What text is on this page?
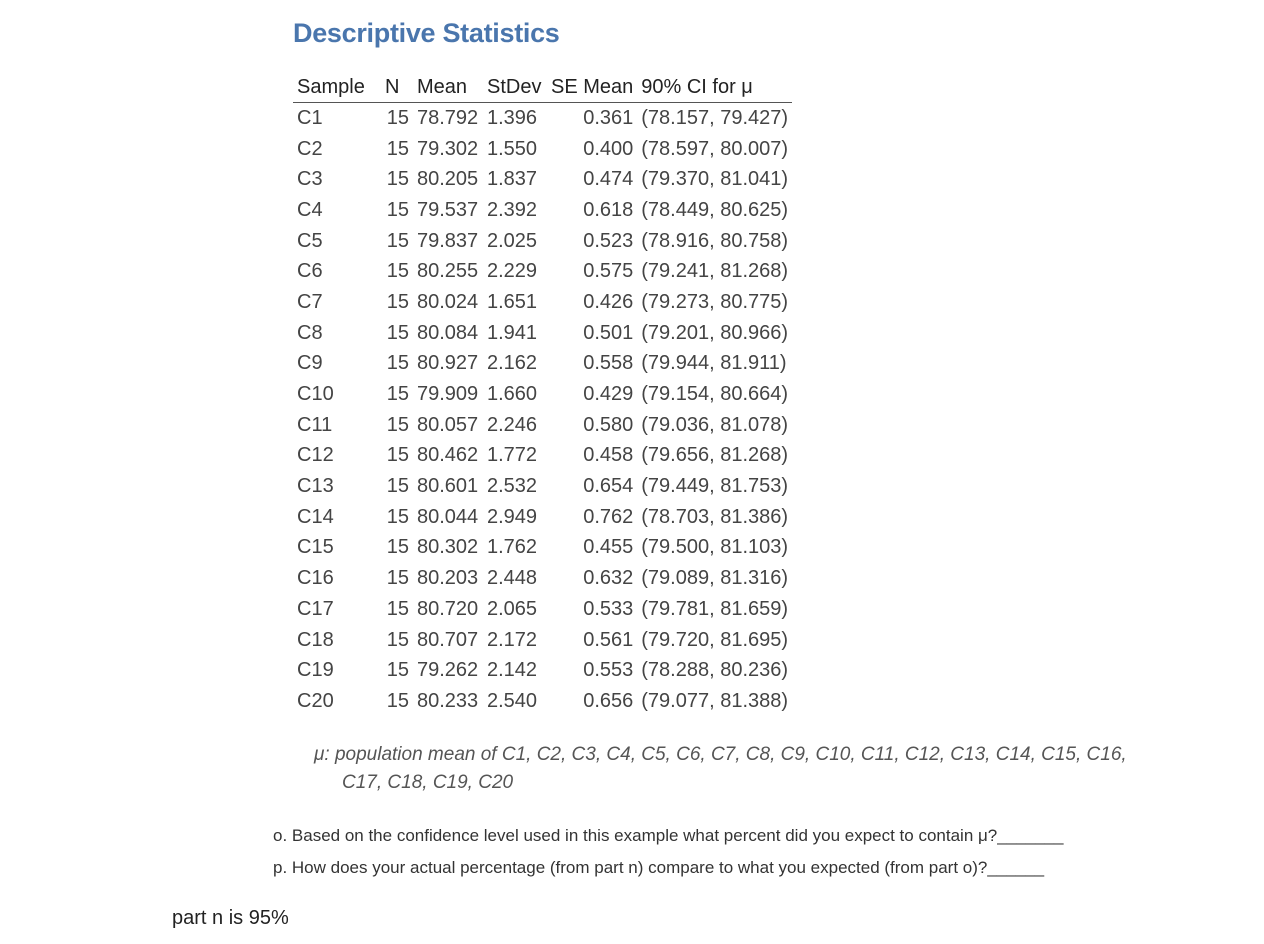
Descriptive Statistics
Sample	N	Mean	StDev	SE Mean	90% CI for μ
C1	15	78.792	1.396	0.361	(78.157, 79.427)
C2	15	79.302	1.550	0.400	(78.597, 80.007)
C3	15	80.205	1.837	0.474	(79.370, 81.041)
C4	15	79.537	2.392	0.618	(78.449, 80.625)
C5	15	79.837	2.025	0.523	(78.916, 80.758)
C6	15	80.255	2.229	0.575	(79.241, 81.268)
C7	15	80.024	1.651	0.426	(79.273, 80.775)
C8	15	80.084	1.941	0.501	(79.201, 80.966)
C9	15	80.927	2.162	0.558	(79.944, 81.911)
C10	15	79.909	1.660	0.429	(79.154, 80.664)
C11	15	80.057	2.246	0.580	(79.036, 81.078)
C12	15	80.462	1.772	0.458	(79.656, 81.268)
C13	15	80.601	2.532	0.654	(79.449, 81.753)
C14	15	80.044	2.949	0.762	(78.703, 81.386)
C15	15	80.302	1.762	0.455	(79.500, 81.103)
C16	15	80.203	2.448	0.632	(79.089, 81.316)
C17	15	80.720	2.065	0.533	(79.781, 81.659)
C18	15	80.707	2.172	0.561	(79.720, 81.695)
C19	15	79.262	2.142	0.553	(78.288, 80.236)
C20	15	80.233	2.540	0.656	(79.077, 81.388)
μ: population mean of C1, C2, C3, C4, C5, C6, C7, C8, C9, C10, C11, C12, C13, C14, C15, C16, C17, C18, C19, C20
o. Based on the confidence level used in this example what percent did you expect to contain μ?_______
p. How does your actual percentage (from part n) compare to what you expected (from part o)?______
part n is 95%
